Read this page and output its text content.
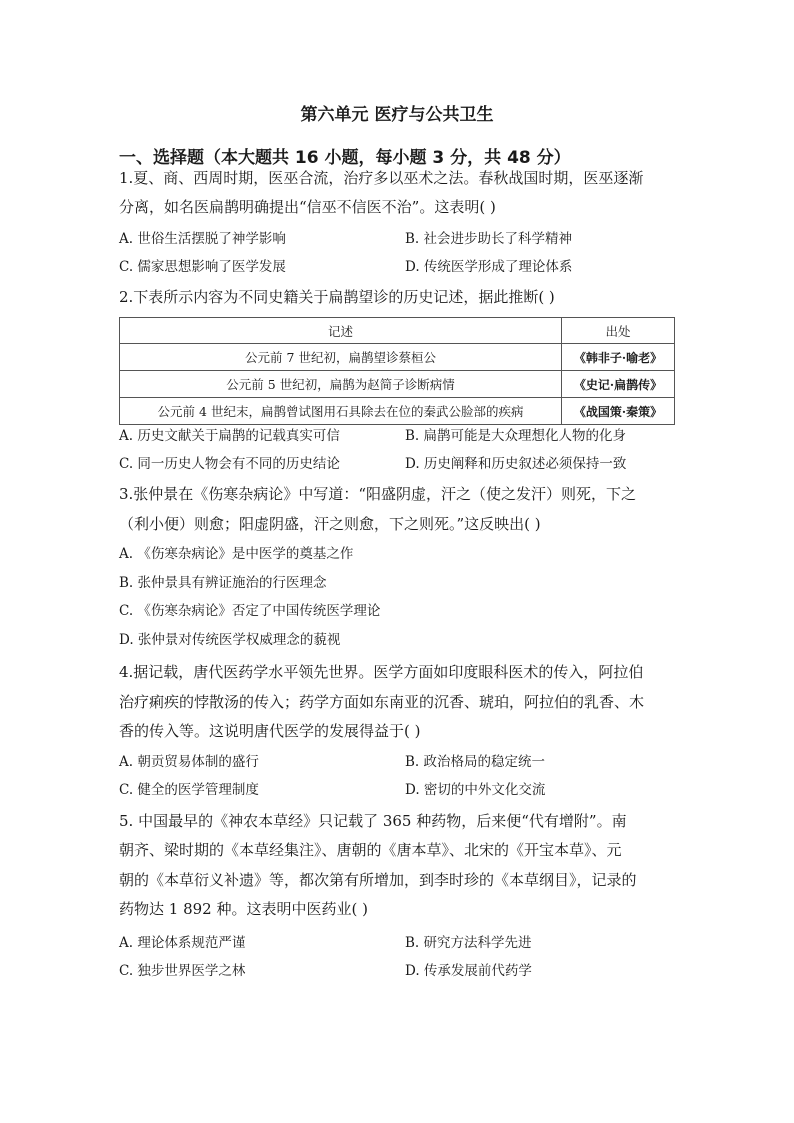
第六单元 医疗与公共卫生
一、选择题（本大题共 16 小题，每小题 3 分，共 48 分）
1.夏、商、西周时期，医巫合流，治疗多以巫术之法。春秋战国时期，医巫逐渐
分离，如名医扁鹊明确提出“信巫不信医不治”。这表明( )
A. 世俗生活摆脱了神学影响	B. 社会进步助长了科学精神
C. 儒家思想影响了医学发展	D. 传统医学形成了理论体系
2.下表所示内容为不同史籍关于扁鹊望诊的历史记述，据此推断( )
记述	出处
公元前 7 世纪初，扁鹊望诊蔡桓公	《韩非子·喻老》
公元前 5 世纪初，扁鹊为赵简子诊断病情	《史记·扁鹊传》
公元前 4 世纪末，扁鹊曾试图用石具除去在位的秦武公脸部的疾病	《战国策·秦策》
A. 历史文献关于扁鹊的记载真实可信	B. 扁鹊可能是大众理想化人物的化身
C. 同一历史人物会有不同的历史结论	D. 历史阐释和历史叙述必须保持一致
3.张仲景在《伤寒杂病论》中写道：“阳盛阴虚，汗之（使之发汗）则死，下之
（利小便）则愈；阳虚阴盛，汗之则愈，下之则死。”这反映出( )
A. 《伤寒杂病论》是中医学的奠基之作
B. 张仲景具有辨证施治的行医理念
C. 《伤寒杂病论》否定了中国传统医学理论
D. 张仲景对传统医学权威理念的藐视
4.据记载，唐代医药学水平领先世界。医学方面如印度眼科医术的传入，阿拉伯
治疗痢疾的悖散汤的传入；药学方面如东南亚的沉香、琥珀，阿拉伯的乳香、木
香的传入等。这说明唐代医学的发展得益于( )
A. 朝贡贸易体制的盛行	B. 政治格局的稳定统一
C. 健全的医学管理制度	D. 密切的中外文化交流
5. 中国最早的《神农本草经》只记载了 365 种药物，后来便“代有增附”。南
朝齐、梁时期的《本草经集注》、唐朝的《唐本草》、北宋的《开宝本草》、元
朝的《本草衍义补遗》等，都次第有所增加，到李时珍的《本草纲目》，记录的
药物达 1 892 种。这表明中医药业( )
A. 理论体系规范严谨	B. 研究方法科学先进
C. 独步世界医学之林	D. 传承发展前代药学
